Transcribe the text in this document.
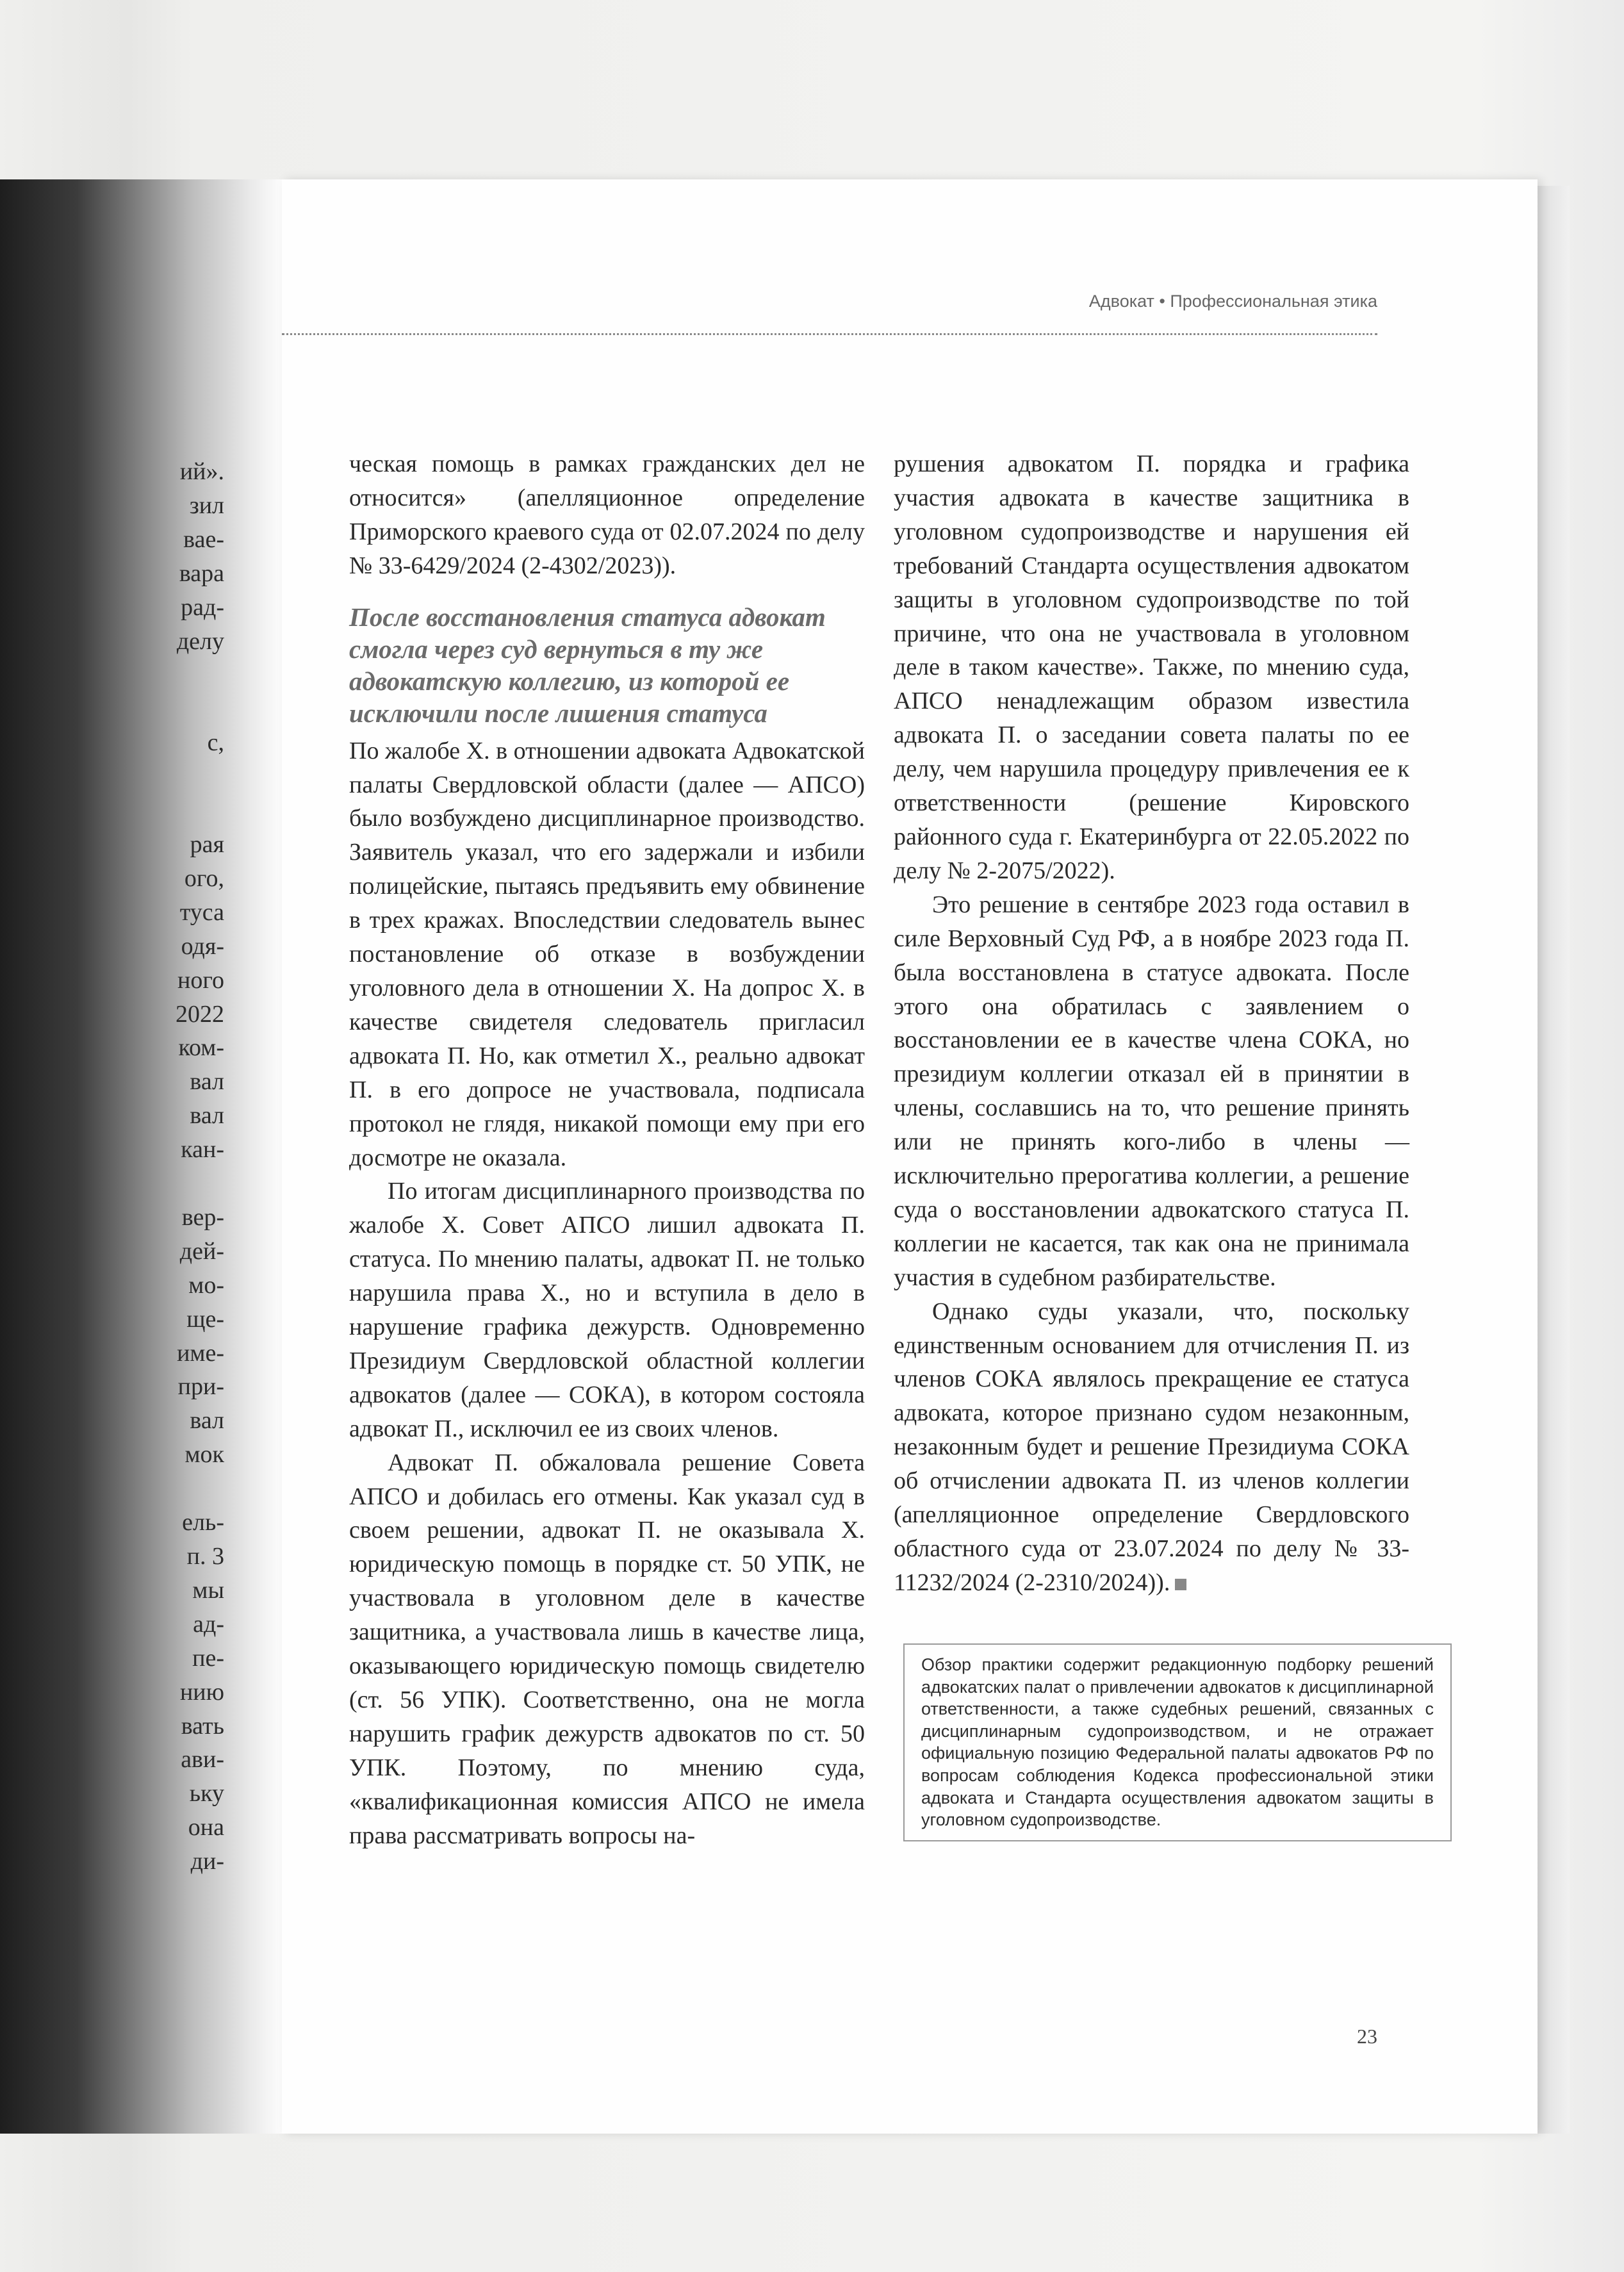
ий».
зил
вае-
вара
рад-
делу

с,

рая
ого,
туса
одя-
ного
2022
ком-
вал
вал
кан-

вер-
дей-
мо-
ще-
име-
при-
вал
мок

ель-
п. 3
мы
ад-
пе-
нию
вать
ави-
ьку
она
ди-
Адвокат • Профессиональная этика

ческая помощь в рамках гражданских дел не относится» (апелляционное определение Приморского краевого суда от 02.07.2024 по делу № 33-6429/2024 (2-4302/2023)).

После восстановления статуса адвокат смогла через суд вернуться в ту же адвокатскую коллегию, из которой ее исключили после лишения статуса

По жалобе Х. в отношении адвоката Адвокатской палаты Свердловской области (далее — АПСО) было возбуждено дисциплинарное производство. Заявитель указал, что его задержали и избили полицейские, пытаясь предъявить ему обвинение в трех кражах. Впоследствии следователь вынес постановление об отказе в возбуждении уголовного дела в отношении Х. На допрос Х. в качестве свидетеля следователь пригласил адвоката П. Но, как отметил Х., реально адвокат П. в его допросе не участвовала, подписала протокол не глядя, никакой помощи ему при его досмотре не оказала.

По итогам дисциплинарного производства по жалобе Х. Совет АПСО лишил адвоката П. статуса. По мнению палаты, адвокат П. не только нарушила права Х., но и вступила в дело в нарушение графика дежурств. Одновременно Президиум Свердловской областной коллегии адвокатов (далее — СОКА), в котором состояла адвокат П., исключил ее из своих членов.

Адвокат П. обжаловала решение Совета АПСО и добилась его отмены. Как указал суд в своем решении, адвокат П. не оказывала Х. юридическую помощь в порядке ст. 50 УПК, не участвовала в уголовном деле в качестве защитника, а участвовала лишь в качестве лица, оказывающего юридическую помощь свидетелю (ст. 56 УПК). Соответственно, она не могла нарушить график дежурств адвокатов по ст. 50 УПК. Поэтому, по мнению суда, «квалификационная комиссия АПСО не имела права рассматривать вопросы на-

рушения адвокатом П. порядка и графика участия адвоката в качестве защитника в уголовном судопроизводстве и нарушения ей требований Стандарта осуществления адвокатом защиты в уголовном судопроизводстве по той причине, что она не участвовала в уголовном деле в таком качестве». Также, по мнению суда, АПСО ненадлежащим образом известила адвоката П. о заседании совета палаты по ее делу, чем нарушила процедуру привлечения ее к ответственности (решение Кировского районного суда г. Екатеринбурга от 22.05.2022 по делу № 2-2075/2022).

Это решение в сентябре 2023 года оставил в силе Верховный Суд РФ, а в ноябре 2023 года П. была восстановлена в статусе адвоката. После этого она обратилась с заявлением о восстановлении ее в качестве члена СОКА, но президиум коллегии отказал ей в принятии в члены, сославшись на то, что решение принять или не принять кого-либо в члены — исключительно прерогатива коллегии, а решение суда о восстановлении адвокатского статуса П. коллегии не касается, так как она не принимала участия в судебном разбирательстве.

Однако суды указали, что, поскольку единственным основанием для отчисления П. из членов СОКА являлось прекращение ее статуса адвоката, которое признано судом незаконным, незаконным будет и решение Президиума СОКА об отчислении адвоката П. из членов коллегии (апелляционное определение Свердловского областного суда от 23.07.2024 по делу № 33-11232/2024 (2-2310/2024)).

Обзор практики содержит редакционную подборку решений адвокатских палат о привлечении адвокатов к дисциплинарной ответственности, а также судебных решений, связанных с дисциплинарным судопроизводством, и не отражает официальную позицию Федеральной палаты адвокатов РФ по вопросам соблюдения Кодекса профессиональной этики адвоката и Стандарта осуществления адвокатом защиты в уголовном судопроизводстве.
23
